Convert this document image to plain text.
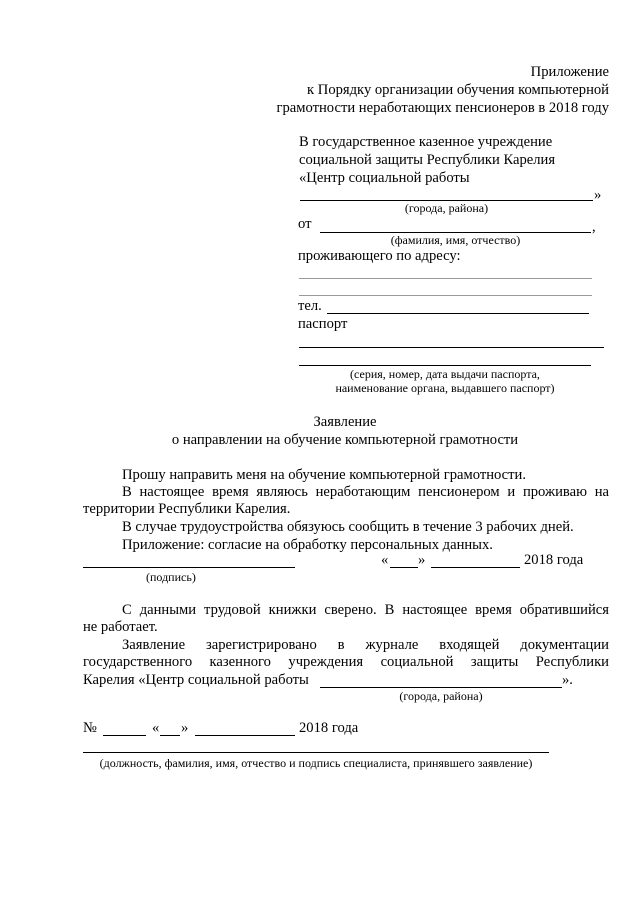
Приложение
к Порядку организации обучения компьютерной
грамотности неработающих пенсионеров в 2018 году
В государственное казенное учреждение
социальной защиты Республики Карелия
«Центр социальной работы
»
(города, района)
от	,
(фамилия, имя, отчество)
проживающего по адресу:
тел.
паспорт
(серия, номер, дата выдачи паспорта,
наименование органа, выдавшего паспорт)
Заявление
о направлении на обучение компьютерной грамотности
Прошу направить меня на обучение компьютерной грамотности.
В настоящее время являюсь неработающим пенсионером и проживаю на
территории Республики Карелия.
В случае трудоустройства обязуюсь сообщить в течение 3 рабочих дней.
Приложение: согласие на обработку персональных данных.
(подпись)
« »	2018 года
С данными трудовой книжки сверено. В настоящее время обратившийся
не работает.
Заявление зарегистрировано в журнале входящей документации
государственного казенного учреждения социальной защиты Республики
Карелия «Центр социальной работы	».
(города, района)
№	« »	2018 года
(должность, фамилия, имя, отчество и подпись специалиста, принявшего заявление)
